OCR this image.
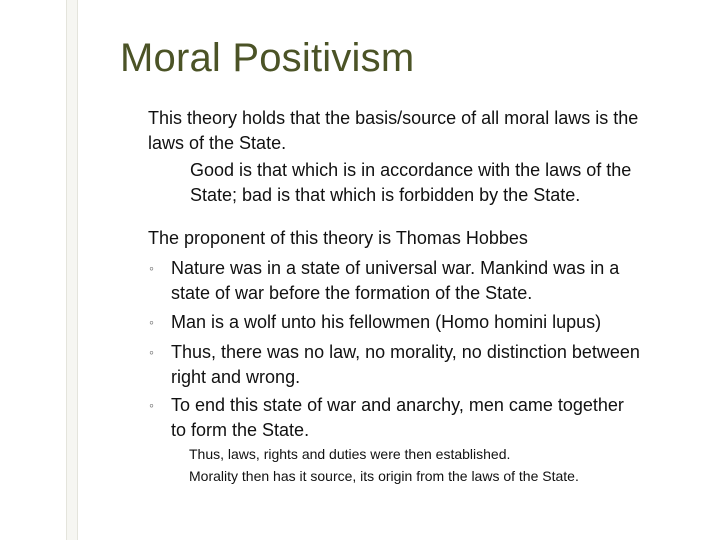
Moral Positivism
This theory holds that the basis/source of all moral laws is the
laws of the State.
Good is that which is in accordance with the laws of the
State; bad is that which is forbidden by the State.
The proponent of this theory is Thomas Hobbes
◦ Nature was in a state of universal war. Mankind was in a
state of war before the formation of the State.
◦ Man is a wolf unto his fellowmen (Homo homini lupus)
◦ Thus, there was no law, no morality, no distinction between
right and wrong.
◦ To end this state of war and anarchy, men came together
to form the State.
Thus, laws, rights and duties were then established.
Morality then has it source, its origin from the laws of the State.
